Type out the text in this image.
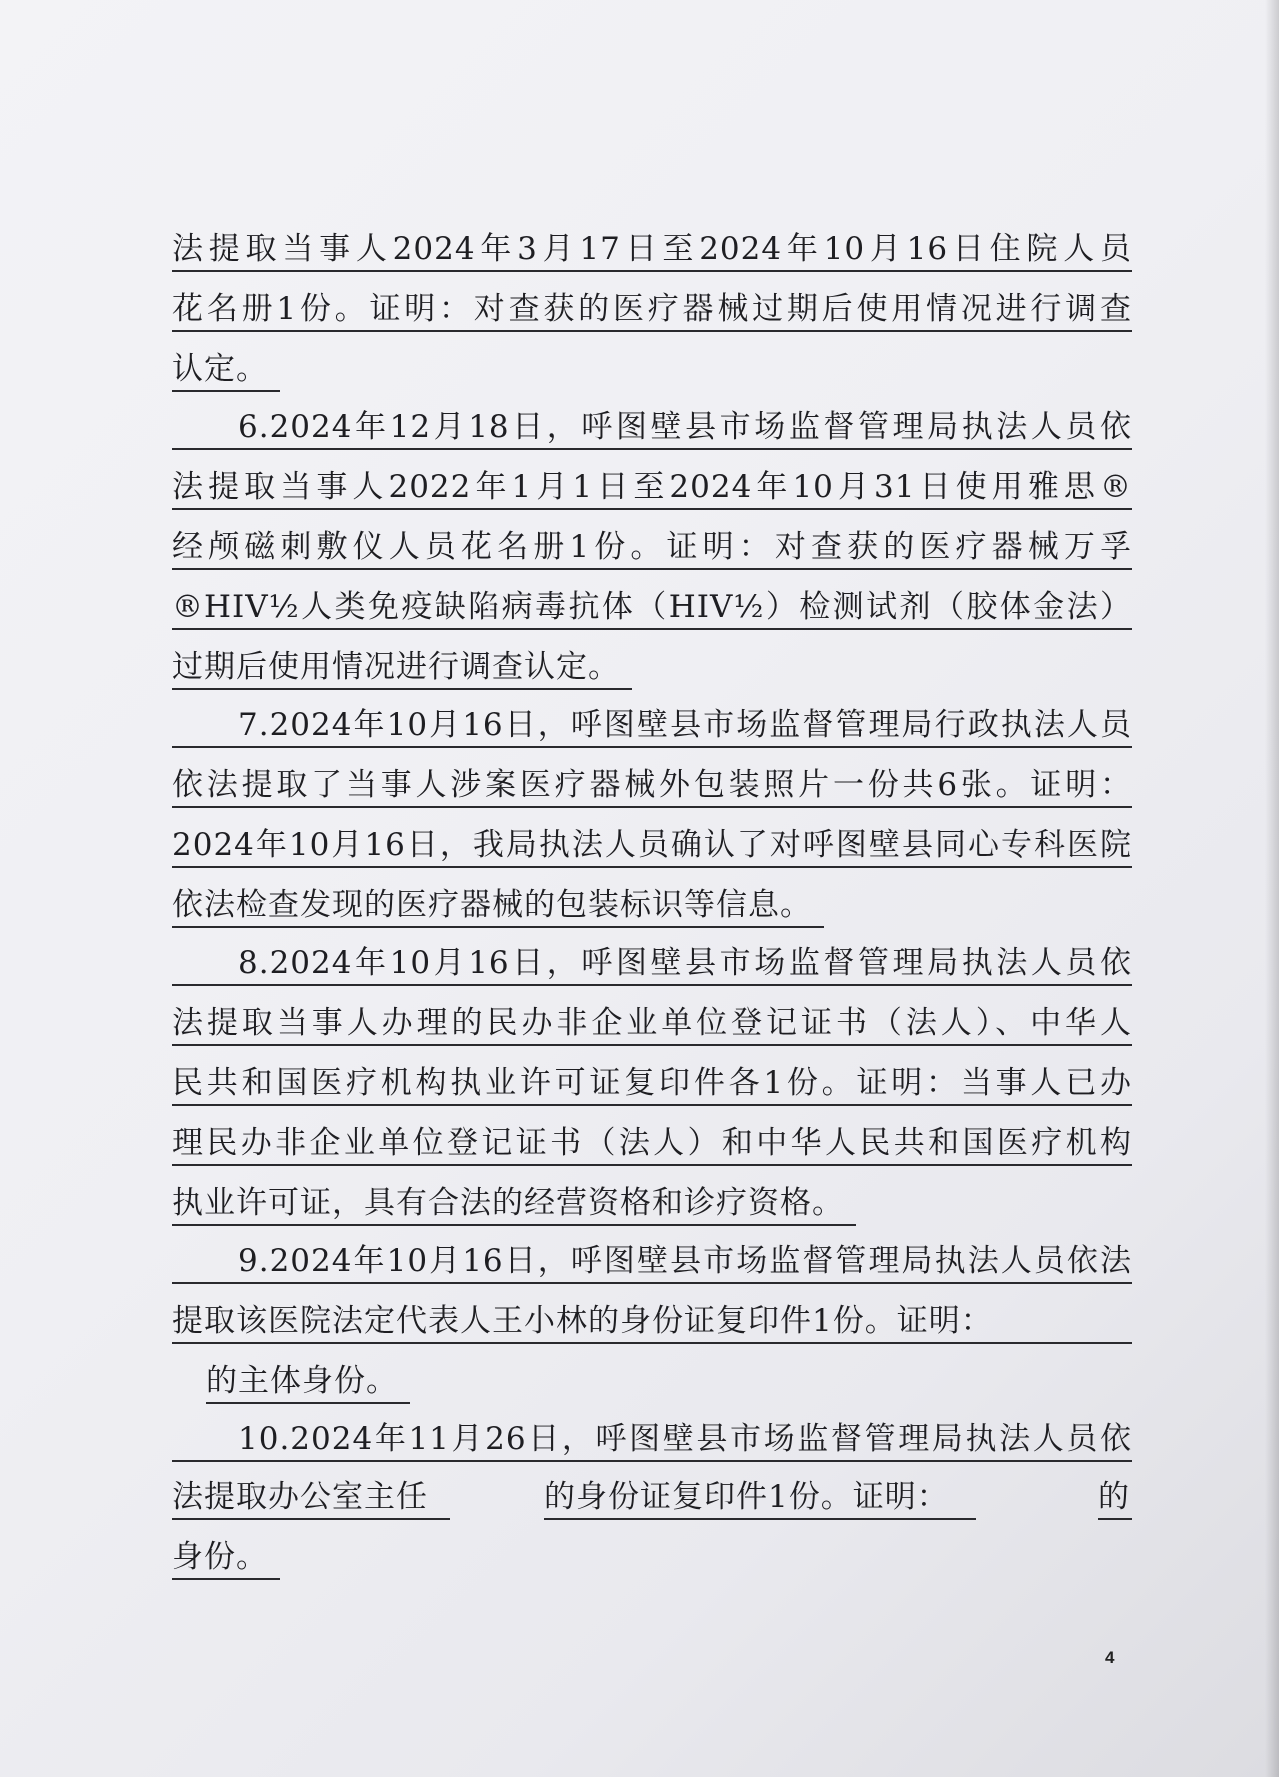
法提取当事人2024年3月17日至2024年10月16日住院人员
花名册1份。证明：对查获的医疗器械过期后使用情况进行调查
认定。
6.2024年12月18日，呼图壁县市场监督管理局执法人员依
法提取当事人2022年1月1日至2024年10月31日使用雅思®
经颅磁刺敷仪人员花名册1份。证明：对查获的医疗器械万孚
®HIV½人类免疫缺陷病毒抗体（HIV½）检测试剂（胶体金法）
过期后使用情况进行调查认定。
7.2024年10月16日，呼图壁县市场监督管理局行政执法人员
依法提取了当事人涉案医疗器械外包装照片一份共6张。证明：
2024年10月16日，我局执法人员确认了对呼图壁县同心专科医院
依法检查发现的医疗器械的包装标识等信息。
8.2024年10月16日，呼图壁县市场监督管理局执法人员依
法提取当事人办理的民办非企业单位登记证书（法人）、中华人
民共和国医疗机构执业许可证复印件各1份。证明：当事人已办
理民办非企业单位登记证书（法人）和中华人民共和国医疗机构
执业许可证，具有合法的经营资格和诊疗资格。
9.2024年10月16日，呼图壁县市场监督管理局执法人员依法
提取该医院法定代表人王小林的身份证复印件1份。证明：
的主体身份。
10.2024年11月26日，呼图壁县市场监督管理局执法人员依
法提取办公室主任	的身份证复印件1份。证明：	的
身份。
4
